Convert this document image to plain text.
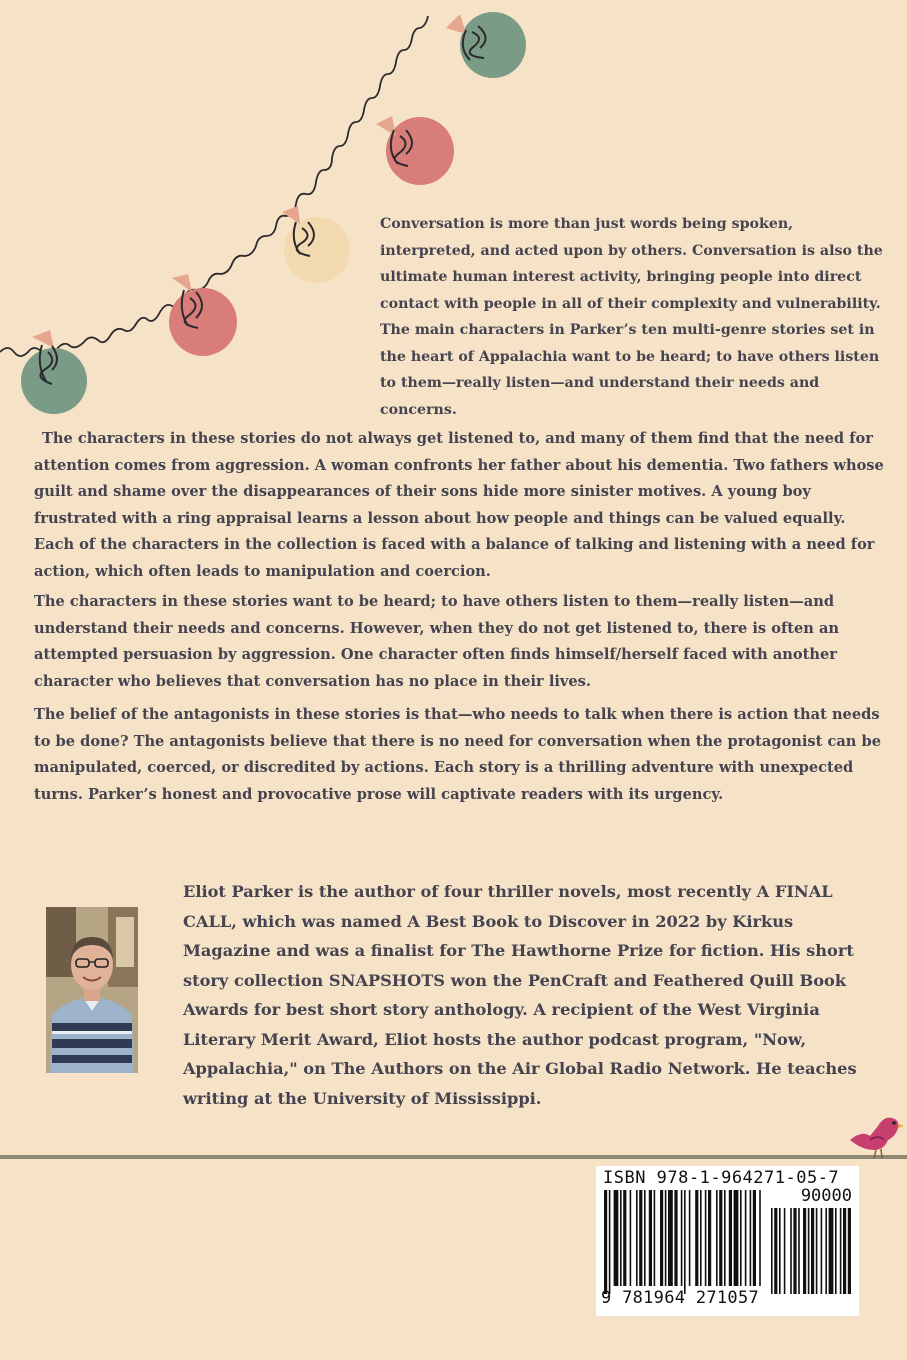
Conversation is more than just words being spoken, interpreted, and acted upon by others. Conversation is also the ultimate human interest activity, bringing people into direct contact with people in all of their complexity and vulnerability. The main characters in Parker’s ten multi-genre stories set in the heart of Appalachia want to be heard; to have others listen to them—really listen—and understand their needs and concerns.

The characters in these stories do not always get listened to, and many of them find that the need for attention comes from aggression. A woman confronts her father about his dementia. Two fathers whose guilt and shame over the disappearances of their sons hide more sinister motives. A young boy frustrated with a ring appraisal learns a lesson about how people and things can be valued equally. Each of the characters in the collection is faced with a balance of talking and listening with a need for action, which often leads to manipulation and coercion.

The characters in these stories want to be heard; to have others listen to them—really listen—and understand their needs and concerns. However, when they do not get listened to, there is often an attempted persuasion by aggression. One character often finds himself/herself faced with another character who believes that conversation has no place in their lives.

The belief of the antagonists in these stories is that—who needs to talk when there is action that needs to be done? The antagonists believe that there is no need for conversation when the protagonist can be manipulated, coerced, or discredited by actions. Each story is a thrilling adventure with unexpected turns. Parker’s honest and provocative prose will captivate readers with its urgency.

Eliot Parker is the author of four thriller novels, most recently A FINAL CALL, which was named A Best Book to Discover in 2022 by Kirkus Magazine and was a finalist for The Hawthorne Prize for fiction. His short story collection SNAPSHOTS won the PenCraft and Feathered Quill Book Awards for best short story anthology. A recipient of the West Virginia Literary Merit Award, Eliot hosts the author podcast program, "Now, Appalachia," on The Authors on the Air Global Radio Network. He teaches writing at the University of Mississippi.

ISBN 978-1-964271-05-7
90000
9 781964 271057
